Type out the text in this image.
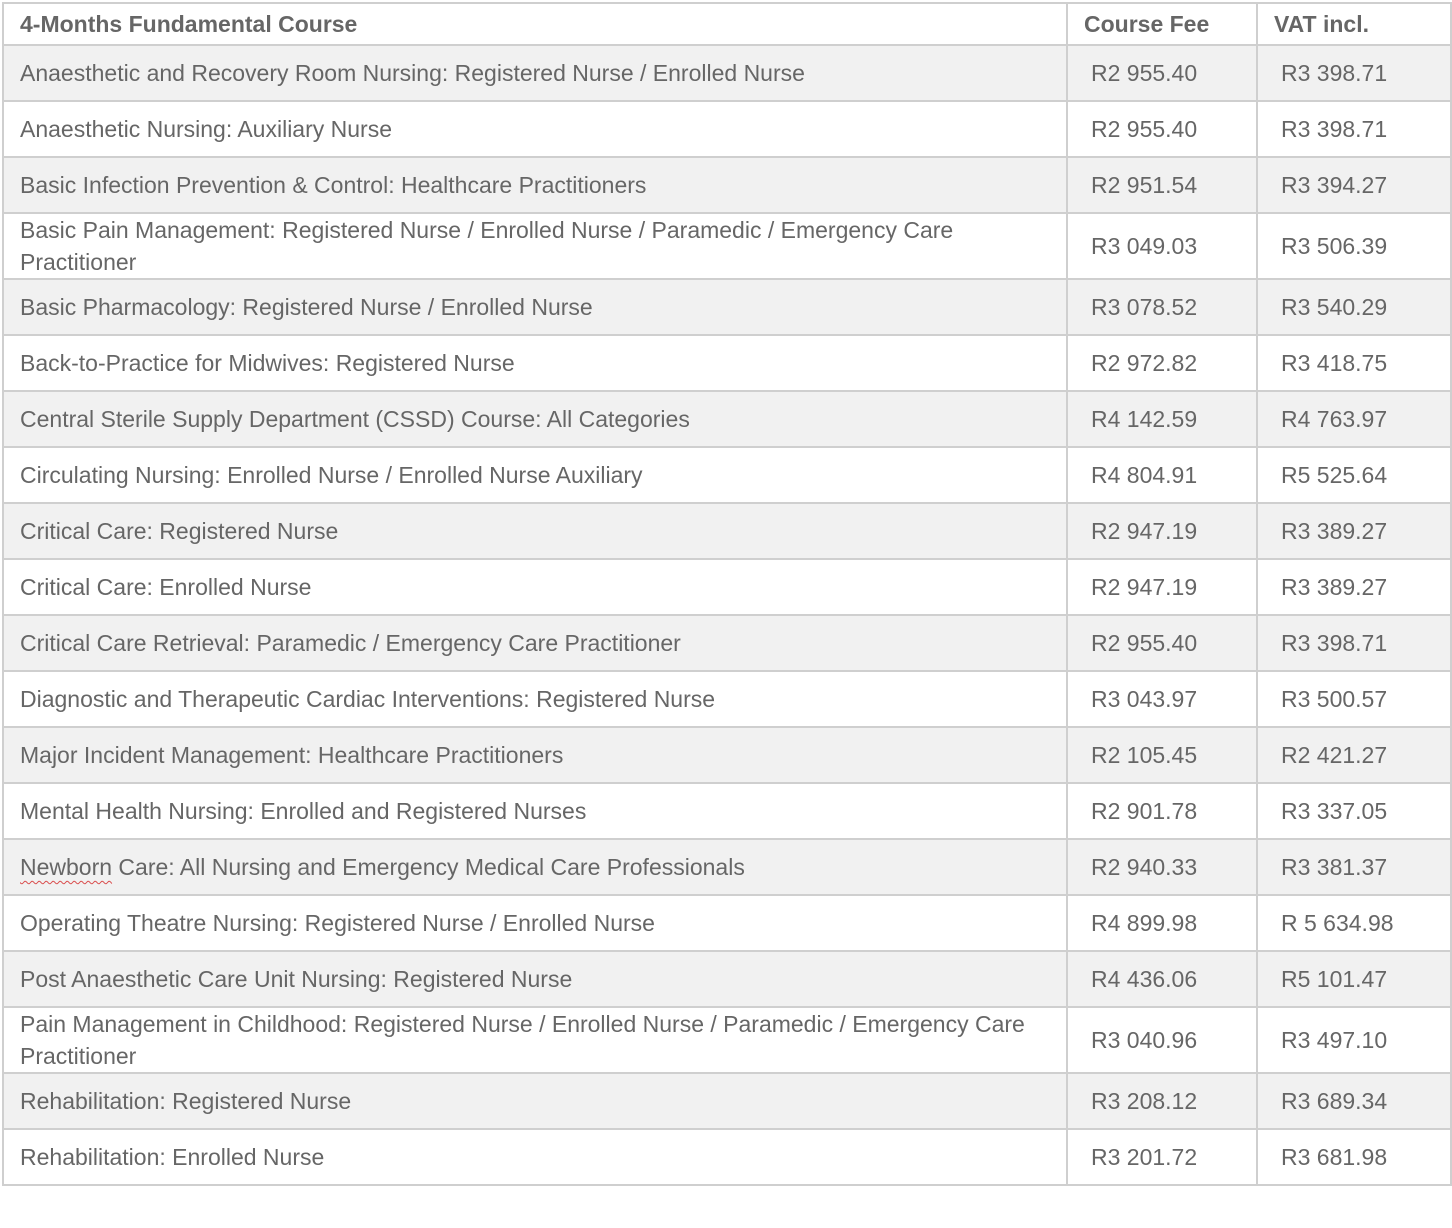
4-Months Fundamental Course	Course Fee	VAT incl.
Anaesthetic and Recovery Room Nursing: Registered Nurse / Enrolled Nurse	R2 955.40	R3 398.71
Anaesthetic Nursing: Auxiliary Nurse	R2 955.40	R3 398.71
Basic Infection Prevention & Control: Healthcare Practitioners	R2 951.54	R3 394.27
Basic Pain Management: Registered Nurse / Enrolled Nurse / Paramedic / Emergency Care Practitioner	R3 049.03	R3 506.39
Basic Pharmacology: Registered Nurse / Enrolled Nurse	R3 078.52	R3 540.29
Back-to-Practice for Midwives: Registered Nurse	R2 972.82	R3 418.75
Central Sterile Supply Department (CSSD) Course: All Categories	R4 142.59	R4 763.97
Circulating Nursing: Enrolled Nurse / Enrolled Nurse Auxiliary	R4 804.91	R5 525.64
Critical Care: Registered Nurse	R2 947.19	R3 389.27
Critical Care: Enrolled Nurse	R2 947.19	R3 389.27
Critical Care Retrieval: Paramedic / Emergency Care Practitioner	R2 955.40	R3 398.71
Diagnostic and Therapeutic Cardiac Interventions: Registered Nurse	R3 043.97	R3 500.57
Major Incident Management: Healthcare Practitioners	R2 105.45	R2 421.27
Mental Health Nursing: Enrolled and Registered Nurses	R2 901.78	R3 337.05
Newborn Care: All Nursing and Emergency Medical Care Professionals	R2 940.33	R3 381.37
Operating Theatre Nursing: Registered Nurse / Enrolled Nurse	R4 899.98	R 5 634.98
Post Anaesthetic Care Unit Nursing: Registered Nurse	R4 436.06	R5 101.47
Pain Management in Childhood: Registered Nurse / Enrolled Nurse / Paramedic / Emergency Care Practitioner	R3 040.96	R3 497.10
Rehabilitation: Registered Nurse	R3 208.12	R3 689.34
Rehabilitation: Enrolled Nurse	R3 201.72	R3 681.98
